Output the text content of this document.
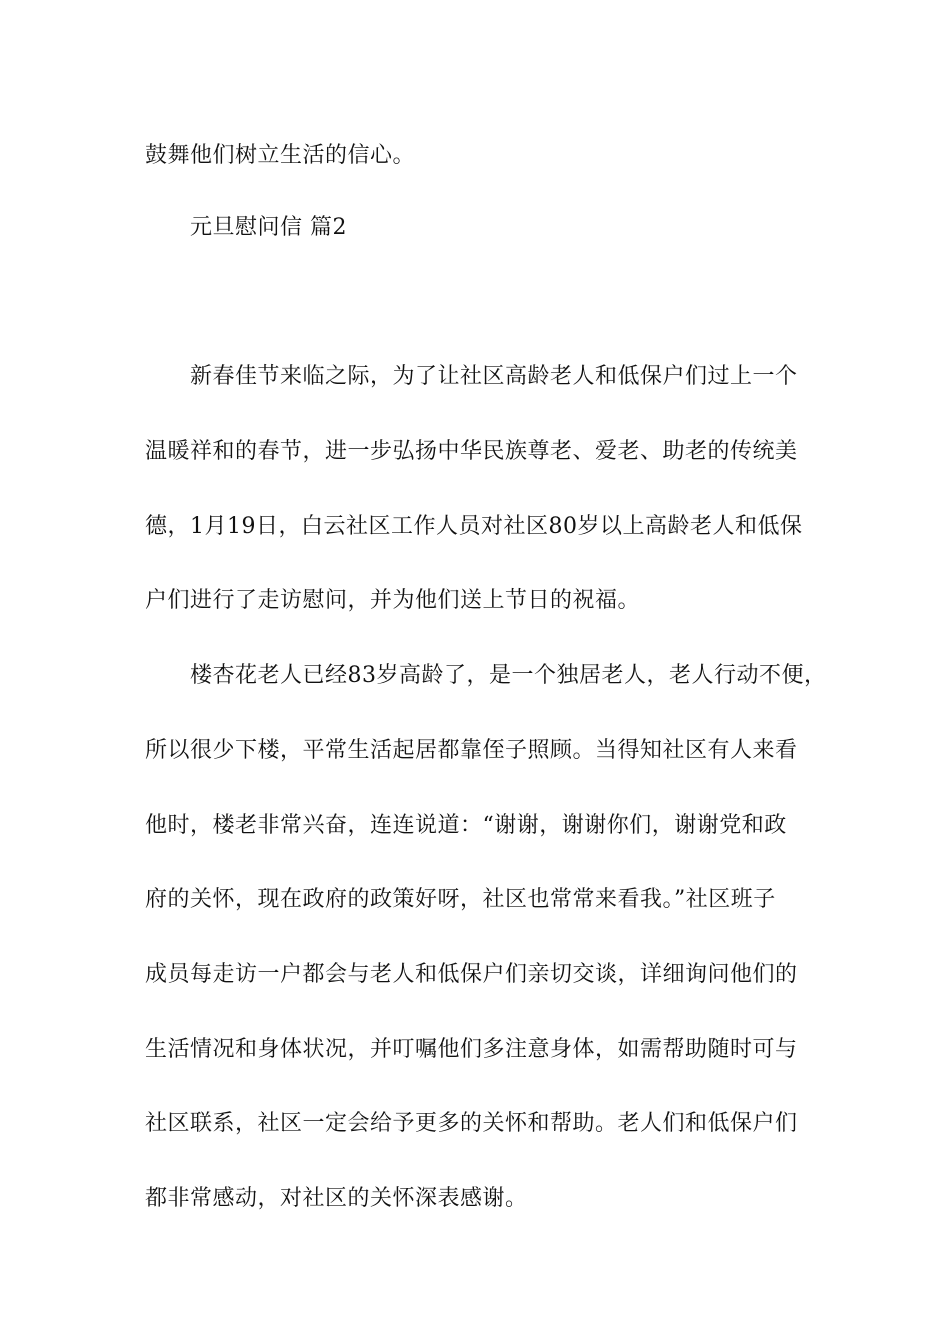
鼓舞他们树立生活的信心。
元旦慰问信 篇2
新春佳节来临之际，为了让社区高龄老人和低保户们过上一个
温暖祥和的春节，进一步弘扬中华民族尊老、爱老、助老的传统美
德，1月19日，白云社区工作人员对社区80岁以上高龄老人和低保
户们进行了走访慰问，并为他们送上节日的祝福。
楼杏花老人已经83岁高龄了，是一个独居老人，老人行动不便，
所以很少下楼，平常生活起居都靠侄子照顾。当得知社区有人来看
他时，楼老非常兴奋，连连说道：“谢谢，谢谢你们，谢谢党和政
府的关怀，现在政府的政策好呀，社区也常常来看我。”社区班子
成员每走访一户都会与老人和低保户们亲切交谈，详细询问他们的
生活情况和身体状况，并叮嘱他们多注意身体，如需帮助随时可与
社区联系，社区一定会给予更多的关怀和帮助。老人们和低保户们
都非常感动，对社区的关怀深表感谢。
